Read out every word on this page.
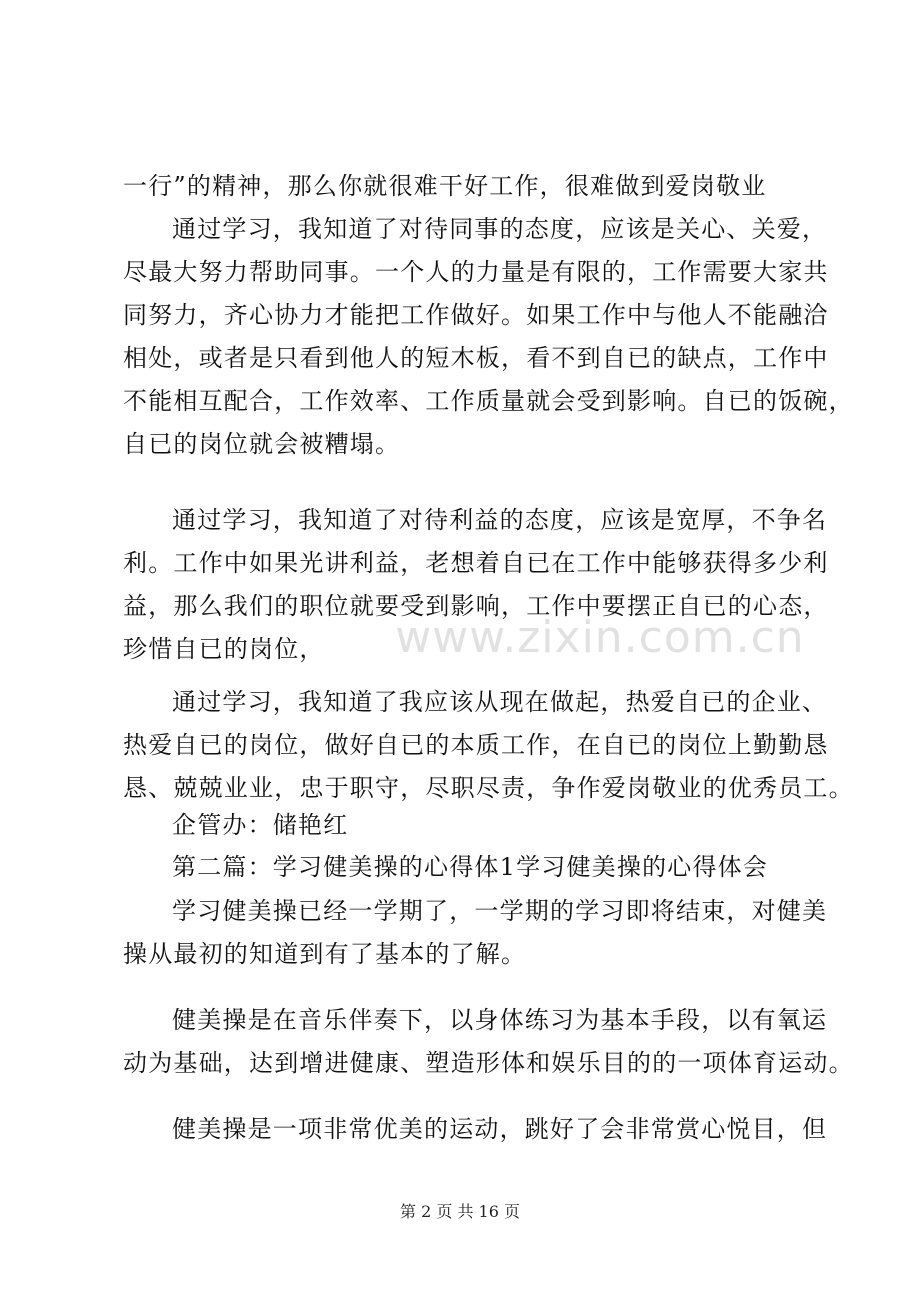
一行”的精神，那么你就很难干好工作，很难做到爱岗敬业
通过学习，我知道了对待同事的态度，应该是关心、关爱，
尽最大努力帮助同事。一个人的力量是有限的，工作需要大家共
同努力，齐心协力才能把工作做好。如果工作中与他人不能融洽
相处，或者是只看到他人的短木板，看不到自已的缺点，工作中
不能相互配合，工作效率、工作质量就会受到影响。自已的饭碗，
自已的岗位就会被糟塌。
通过学习，我知道了对待利益的态度，应该是宽厚，不争名
利。工作中如果光讲利益，老想着自已在工作中能够获得多少利
益，那么我们的职位就要受到影响，工作中要摆正自已的心态，
珍惜自已的岗位，
通过学习，我知道了我应该从现在做起，热爱自已的企业、
热爱自已的岗位，做好自已的本质工作，在自已的岗位上勤勤恳
恳、兢兢业业，忠于职守，尽职尽责，争作爱岗敬业的优秀员工。
企管办：储艳红
第二篇：学习健美操的心得体1学习健美操的心得体会
学习健美操已经一学期了，一学期的学习即将结束，对健美
操从最初的知道到有了基本的了解。
健美操是在音乐伴奏下，以身体练习为基本手段，以有氧运
动为基础，达到增进健康、塑造形体和娱乐目的的一项体育运动。
健美操是一项非常优美的运动，跳好了会非常赏心悦目，但
www.zixin.com.cn
第 2 页 共 16 页
